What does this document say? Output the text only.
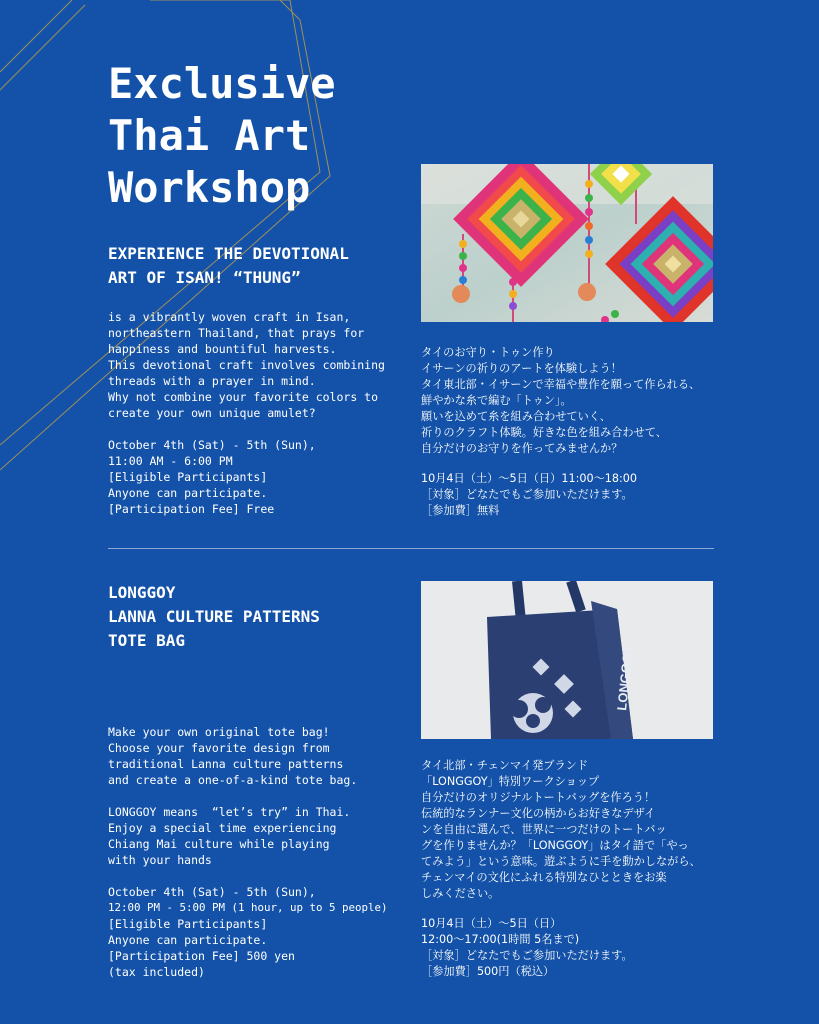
Exclusive
Thai Art
Workshop
EXPERIENCE THE DEVOTIONAL
ART OF ISAN! “THUNG”
is a vibrantly woven craft in Isan,
northeastern Thailand, that prays for
happiness and bountiful harvests.
This devotional craft involves combining
threads with a prayer in mind.
Why not combine your favorite colors to
create your own unique amulet?
October 4th (Sat) - 5th (Sun),
11:00 AM - 6:00 PM
[Eligible Participants]
Anyone can participate.
[Participation Fee] Free
タイのお守り・トゥン作り
イサーンの祈りのアートを体験しよう！
タイ東北部・イサーンで幸福や豊作を願って作られる、
鮮やかな糸で編む「トゥン」。
願いを込めて糸を組み合わせていく、
祈りのクラフト体験。好きな色を組み合わせて、
自分だけのお守りを作ってみませんか？
10月4日（土）〜5日（日）11:00〜18:00
［対象］どなたでもご参加いただけます。
［参加費］無料
LONGGOY
LANNA CULTURE PATTERNS
TOTE BAG
Make your own original tote bag!
Choose your favorite design from
traditional Lanna culture patterns
and create a one-of-a-kind tote bag.

LONGGOY means  “let’s try” in Thai.
Enjoy a special time experiencing
Chiang Mai culture while playing
with your hands
October 4th (Sat) - 5th (Sun),
12:00 PM - 5:00 PM (1 hour, up to 5 people)
[Eligible Participants]
Anyone can participate.
[Participation Fee] 500 yen
(tax included)
LONGGOY
タイ北部・チェンマイ発ブランド
「LONGGOY」特別ワークショップ
自分だけのオリジナルトートバッグを作ろう！
伝統的なランナー文化の柄からお好きなデザイ
ンを自由に選んで、世界に一つだけのトートバッ
グを作りませんか？「LONGGOY」はタイ語で「やっ
てみよう」という意味。遊ぶように手を動かしながら、
チェンマイの文化にふれる特別なひとときをお楽
しみください。
10月4日（土）〜5日（日）
12:00〜17:00(1時間 5名まで)
［対象］どなたでもご参加いただけます。
［参加費］500円（税込）
